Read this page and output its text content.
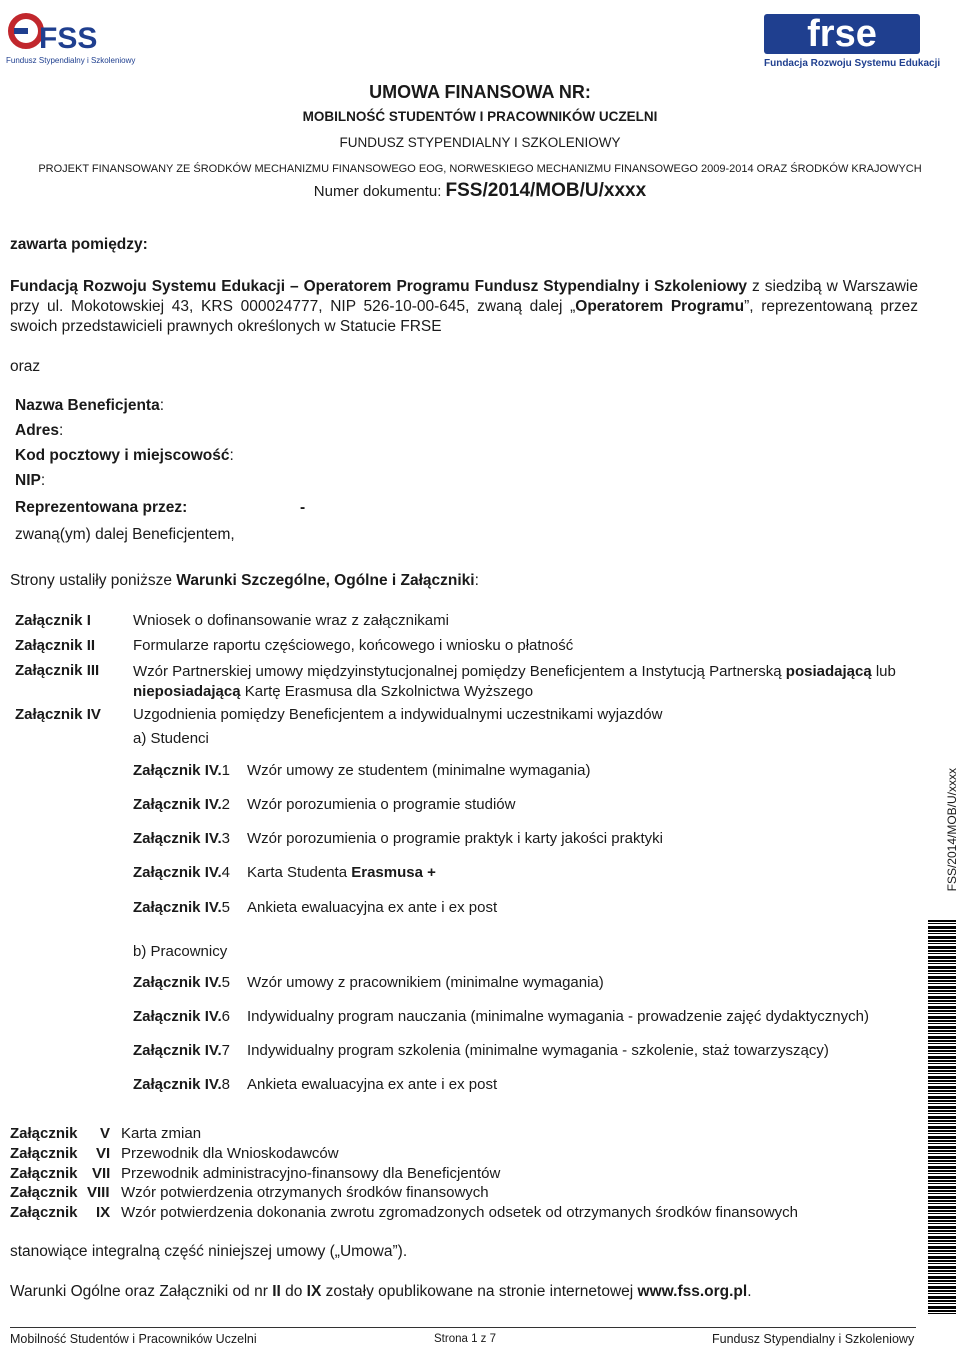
FSS
Fundusz Stypendialny i Szkoleniowy
frse
Fundacja Rozwoju Systemu Edukacji
UMOWA FINANSOWA NR:
MOBILNOŚĆ STUDENTÓW I PRACOWNIKÓW UCZELNI
FUNDUSZ STYPENDIALNY I SZKOLENIOWY
PROJEKT FINANSOWANY ZE ŚRODKÓW MECHANIZMU FINANSOWEGO EOG, NORWESKIEGO MECHANIZMU FINANSOWEGO 2009-2014 ORAZ ŚRODKÓW KRAJOWYCH
Numer dokumentu: FSS/2014/MOB/U/xxxx
zawarta pomiędzy:
Fundacją Rozwoju Systemu Edukacji – Operatorem Programu Fundusz Stypendialny i Szkoleniowy z siedzibą w Warszawie przy ul. Mokotowskiej 43, KRS 000024777, NIP 526-10-00-645, zwaną dalej „Operatorem Programu”, reprezentowaną przez swoich przedstawicieli prawnych określonych w Statucie FRSE
oraz
Nazwa Beneficjenta:
Adres:
Kod pocztowy i miejscowość:
NIP:
Reprezentowana przez:	-
zwaną(ym) dalej Beneficjentem,
Strony ustaliły poniższe Warunki Szczególne, Ogólne i Załączniki:
Załącznik I	Wniosek o dofinansowanie wraz z załącznikami
Załącznik II	Formularze raportu częściowego, końcowego i wniosku o płatność
Załącznik III Wzór Partnerskiej umowy międzyinstytucjonalnej pomiędzy Beneficjentem a Instytucją Partnerską posiadającą lub nieposiadającą Kartę Erasmusa dla Szkolnictwa Wyższego
Załącznik IV Uzgodnienia pomiędzy Beneficjentem a indywidualnymi uczestnikami wyjazdów
a) Studenci
Załącznik IV.1 Wzór umowy ze studentem (minimalne wymagania)
Załącznik IV.2 Wzór porozumienia o programie studiów
Załącznik IV.3 Wzór porozumienia o programie praktyk i karty jakości praktyki
Załącznik IV.4 Karta Studenta Erasmusa +
Załącznik IV.5 Ankieta ewaluacyjna ex ante i ex post
b) Pracownicy
Załącznik IV.5 Wzór umowy z pracownikiem (minimalne wymagania)
Załącznik IV.6 Indywidualny program nauczania (minimalne wymagania - prowadzenie zajęć dydaktycznych)
Załącznik IV.7 Indywidualny program szkolenia (minimalne wymagania - szkolenie, staż towarzyszący)
Załącznik IV.8 Ankieta ewaluacyjna ex ante i ex post
Załącznik V Karta zmian
Załącznik VI Przewodnik dla Wnioskodawców
Załącznik VII Przewodnik administracyjno-finansowy dla Beneficjentów
Załącznik VIII Wzór potwierdzenia otrzymanych środków finansowych
Załącznik IX Wzór potwierdzenia dokonania zwrotu zgromadzonych odsetek od otrzymanych środków finansowych
stanowiące integralną część niniejszej umowy („Umowa”).
Warunki Ogólne oraz Załączniki od nr II do IX zostały opublikowane na stronie internetowej www.fss.org.pl.
FSS/2014/MOB/U/xxxx
Mobilność Studentów i Pracowników Uczelni	Strona 1 z 7	Fundusz Stypendialny i Szkoleniowy
